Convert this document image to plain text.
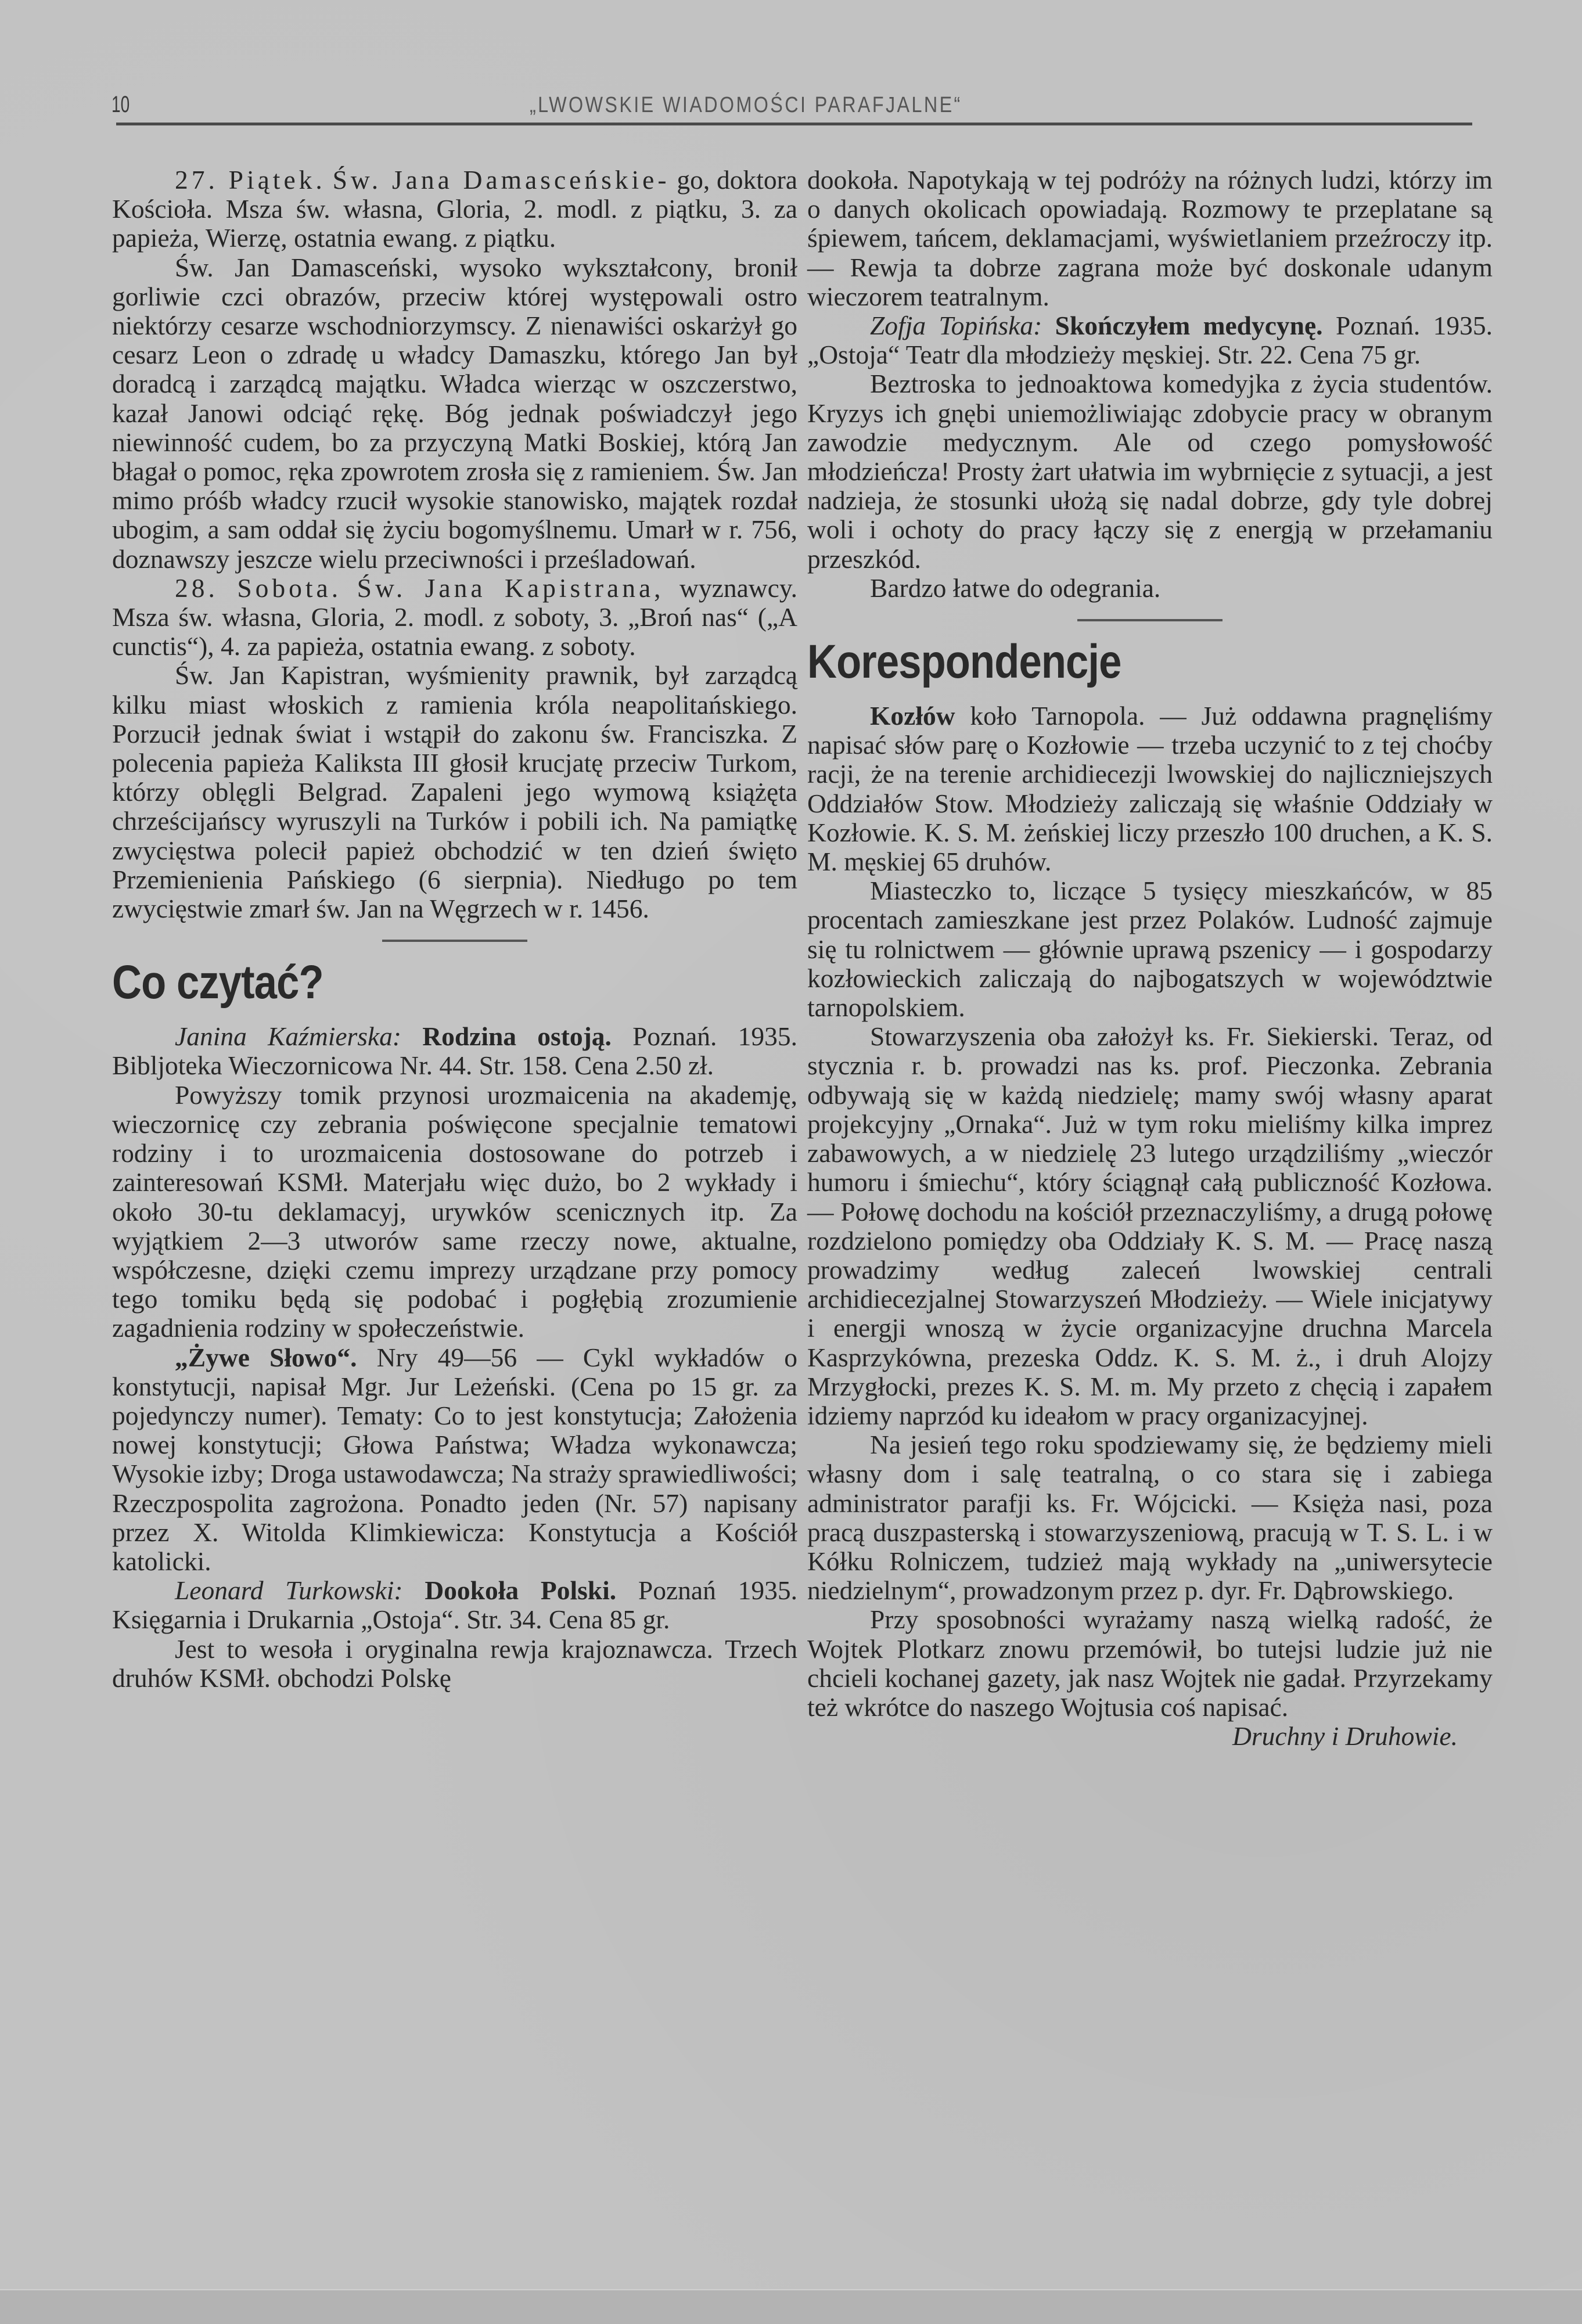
10	„LWOWSKIE WIADOMOŚCI PARAFJALNE“

27. Piątek. Św. Jana Damasceńskie- go, doktora Kościoła. Msza św. własna, Gloria, 2. modl. z piątku, 3. za papieża, Wierzę, ostatnia ewang. z piątku.

Św. Jan Damasceński, wysoko wykształcony, bronił gorliwie czci obrazów, przeciw której występowali ostro niektórzy cesarze wschodniorzymscy. Z nienawiści oskarżył go cesarz Leon o zdradę u władcy Damaszku, którego Jan był doradcą i zarządcą majątku. Władca wierząc w oszczerstwo, kazał Janowi odciąć rękę. Bóg jednak poświadczył jego niewinność cudem, bo za przyczyną Matki Boskiej, którą Jan błagał o pomoc, ręka zpowrotem zrosła się z ramieniem. Św. Jan mimo próśb władcy rzucił wysokie stanowisko, majątek rozdał ubogim, a sam oddał się życiu bogomyślnemu. Umarł w r. 756, doznawszy jeszcze wielu przeciwności i prześladowań.

28. Sobota. Św. Jana Kapistrana, wyznawcy. Msza św. własna, Gloria, 2. modl. z soboty, 3. „Broń nas“ („A cunctis“), 4. za papieża, ostatnia ewang. z soboty.

Św. Jan Kapistran, wyśmienity prawnik, był zarządcą kilku miast włoskich z ramienia króla neapolitańskiego. Porzucił jednak świat i wstąpił do zakonu św. Franciszka. Z polecenia papieża Kaliksta III głosił krucjatę przeciw Turkom, którzy oblęgli Belgrad. Zapaleni jego wymową książęta chrześcijańscy wyruszyli na Turków i pobili ich. Na pamiątkę zwycięstwa polecił papież obchodzić w ten dzień święto Przemienienia Pańskiego (6 sierpnia). Niedługo po tem zwycięstwie zmarł św. Jan na Węgrzech w r. 1456.

Co czytać?

Janina Kaźmierska: Rodzina ostoją. Poznań. 1935. Bibljoteka Wieczornicowa Nr. 44. Str. 158. Cena 2.50 zł.

Powyższy tomik przynosi urozmaicenia na akademję, wieczornicę czy zebrania poświęcone specjalnie tematowi rodziny i to urozmaicenia dostosowane do potrzeb i zainteresowań KSMł. Materjału więc dużo, bo 2 wykłady i około 30-tu deklamacyj, urywków scenicznych itp. Za wyjątkiem 2—3 utworów same rzeczy nowe, aktualne, współczesne, dzięki czemu imprezy urządzane przy pomocy tego tomiku będą się podobać i pogłębią zrozumienie zagadnienia rodziny w społeczeństwie.

„Żywe Słowo“. Nry 49—56 — Cykl wykładów o konstytucji, napisał Mgr. Jur Leżeński. (Cena po 15 gr. za pojedynczy numer). Tematy: Co to jest konstytucja; Założenia nowej konstytucji; Głowa Państwa; Władza wykonawcza; Wysokie izby; Droga ustawodawcza; Na straży sprawiedliwości; Rzeczpospolita zagrożona. Ponadto jeden (Nr. 57) napisany przez X. Witolda Klimkiewicza: Konstytucja a Kościół katolicki.

Leonard Turkowski: Dookoła Polski. Poznań 1935. Księgarnia i Drukarnia „Ostoja“. Str. 34. Cena 85 gr.

Jest to wesoła i oryginalna rewja krajoznawcza. Trzech druhów KSMł. obchodzi Polskę

dookoła. Napotykają w tej podróży na różnych ludzi, którzy im o danych okolicach opowiadają. Rozmowy te przeplatane są śpiewem, tańcem, deklamacjami, wyświetlaniem przeźroczy itp. — Rewja ta dobrze zagrana może być doskonale udanym wieczorem teatralnym.

Zofja Topińska: Skończyłem medycynę. Poznań. 1935. „Ostoja“ Teatr dla młodzieży męskiej. Str. 22. Cena 75 gr.

Beztroska to jednoaktowa komedyjka z życia studentów. Kryzys ich gnębi uniemożliwiając zdobycie pracy w obranym zawodzie medycznym. Ale od czego pomysłowość młodzieńcza! Prosty żart ułatwia im wybrnięcie z sytuacji, a jest nadzieja, że stosunki ułożą się nadal dobrze, gdy tyle dobrej woli i ochoty do pracy łączy się z energją w przełamaniu przeszkód.

Bardzo łatwe do odegrania.

Korespondencje

Kozłów koło Tarnopola. — Już oddawna pragnęliśmy napisać słów parę o Kozłowie — trzeba uczynić to z tej choćby racji, że na terenie archidiecezji lwowskiej do najliczniejszych Oddziałów Stow. Młodzieży zaliczają się właśnie Oddziały w Kozłowie. K. S. M. żeńskiej liczy przeszło 100 druchen, a K. S. M. męskiej 65 druhów.

Miasteczko to, liczące 5 tysięcy mieszkańców, w 85 procentach zamieszkane jest przez Polaków. Ludność zajmuje się tu rolnictwem — głównie uprawą pszenicy — i gospodarzy kozłowieckich zaliczają do najbogatszych w województwie tarnopolskiem.

Stowarzyszenia oba założył ks. Fr. Siekierski. Teraz, od stycznia r. b. prowadzi nas ks. prof. Pieczonka. Zebrania odbywają się w każdą niedzielę; mamy swój własny aparat projekcyjny „Ornaka“. Już w tym roku mieliśmy kilka imprez zabawowych, a w niedzielę 23 lutego urządziliśmy „wieczór humoru i śmiechu“, który ściągnął całą publiczność Kozłowa. — Połowę dochodu na kościół przeznaczyliśmy, a drugą połowę rozdzielono pomiędzy oba Oddziały K. S. M. — Pracę naszą prowadzimy według zaleceń lwowskiej centrali archidiecezjalnej Stowarzyszeń Młodzieży. — Wiele inicjatywy i energji wnoszą w życie organizacyjne druchna Marcela Kasprzykówna, prezeska Oddz. K. S. M. ż., i druh Alojzy Mrzygłocki, prezes K. S. M. m. My przeto z chęcią i zapałem idziemy naprzód ku ideałom w pracy organizacyjnej.

Na jesień tego roku spodziewamy się, że będziemy mieli własny dom i salę teatralną, o co stara się i zabiega administrator parafji ks. Fr. Wójcicki. — Księża nasi, poza pracą duszpasterską i stowarzyszeniową, pracują w T. S. L. i w Kółku Rolniczem, tudzież mają wykłady na „uniwersytecie niedzielnym“, prowadzonym przez p. dyr. Fr. Dąbrowskiego.

Przy sposobności wyrażamy naszą wielką radość, że Wojtek Plotkarz znowu przemówił, bo tutejsi ludzie już nie chcieli kochanej gazety, jak nasz Wojtek nie gadał. Przyrzekamy też wkrótce do naszego Wojtusia coś napisać.

Druchny i Druhowie.
